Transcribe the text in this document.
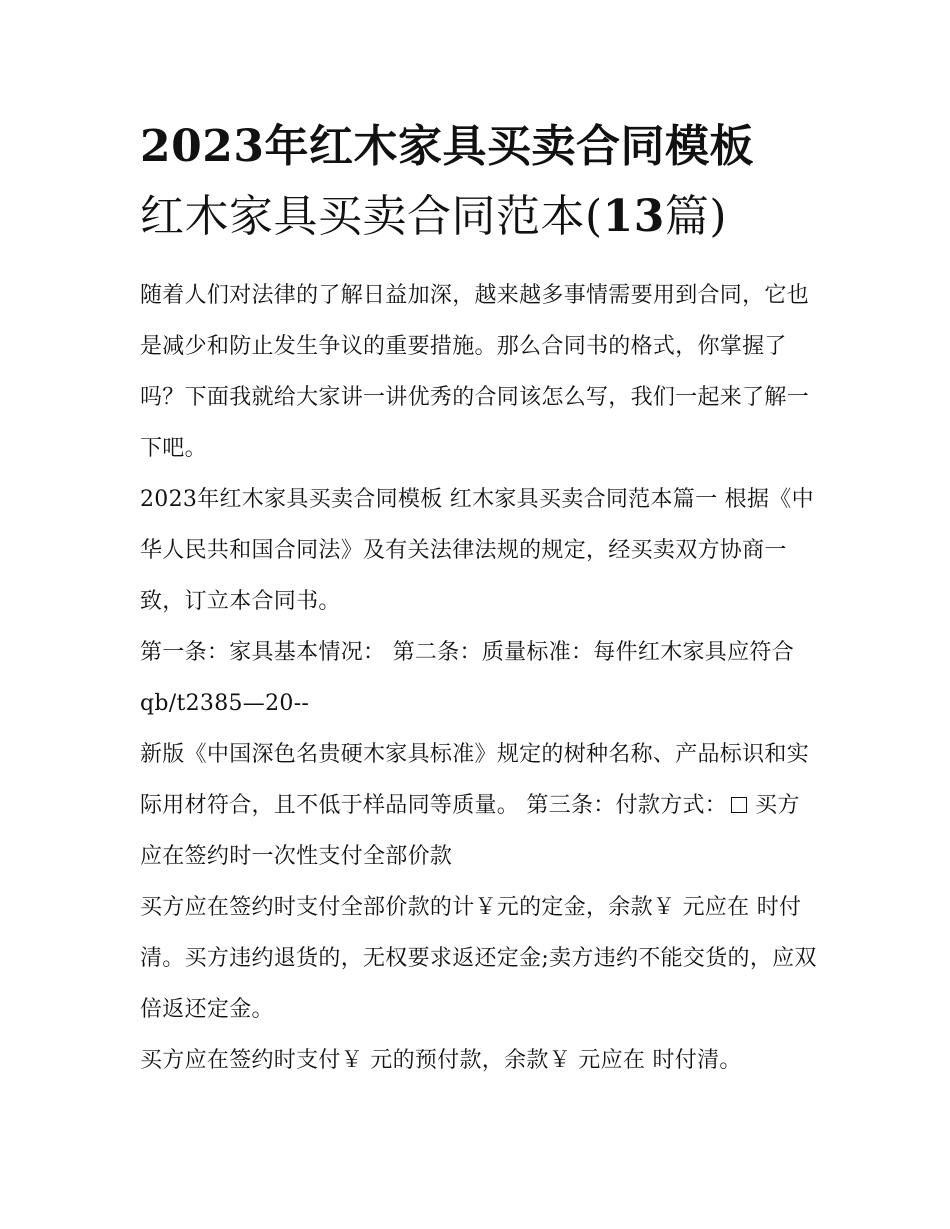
2023年红木家具买卖合同模板
红木家具买卖合同范本(13篇)

随着人们对法律的了解日益加深，越来越多事情需要用到合同，它也是减少和防止发生争议的重要措施。那么合同书的格式，你掌握了吗？下面我就给大家讲一讲优秀的合同该怎么写，我们一起来了解一下吧。

2023年红木家具买卖合同模板 红木家具买卖合同范本篇一 根据《中华人民共和国合同法》及有关法律法规的规定，经买卖双方协商一致，订立本合同书。

第一条：家具基本情况： 第二条：质量标准：每件红木家具应符合qb/t2385—20--

新版《中国深色名贵硬木家具标准》规定的树种名称、产品标识和实际用材符合，且不低于样品同等质量。 第三条：付款方式： 买方应在签约时一次性支付全部价款

买方应在签约时支付全部价款的计￥元的定金，余款￥ 元应在 时付清。买方违约退货的，无权要求返还定金;卖方违约不能交货的，应双倍返还定金。

买方应在签约时支付￥ 元的预付款，余款￥ 元应在 时付清。
